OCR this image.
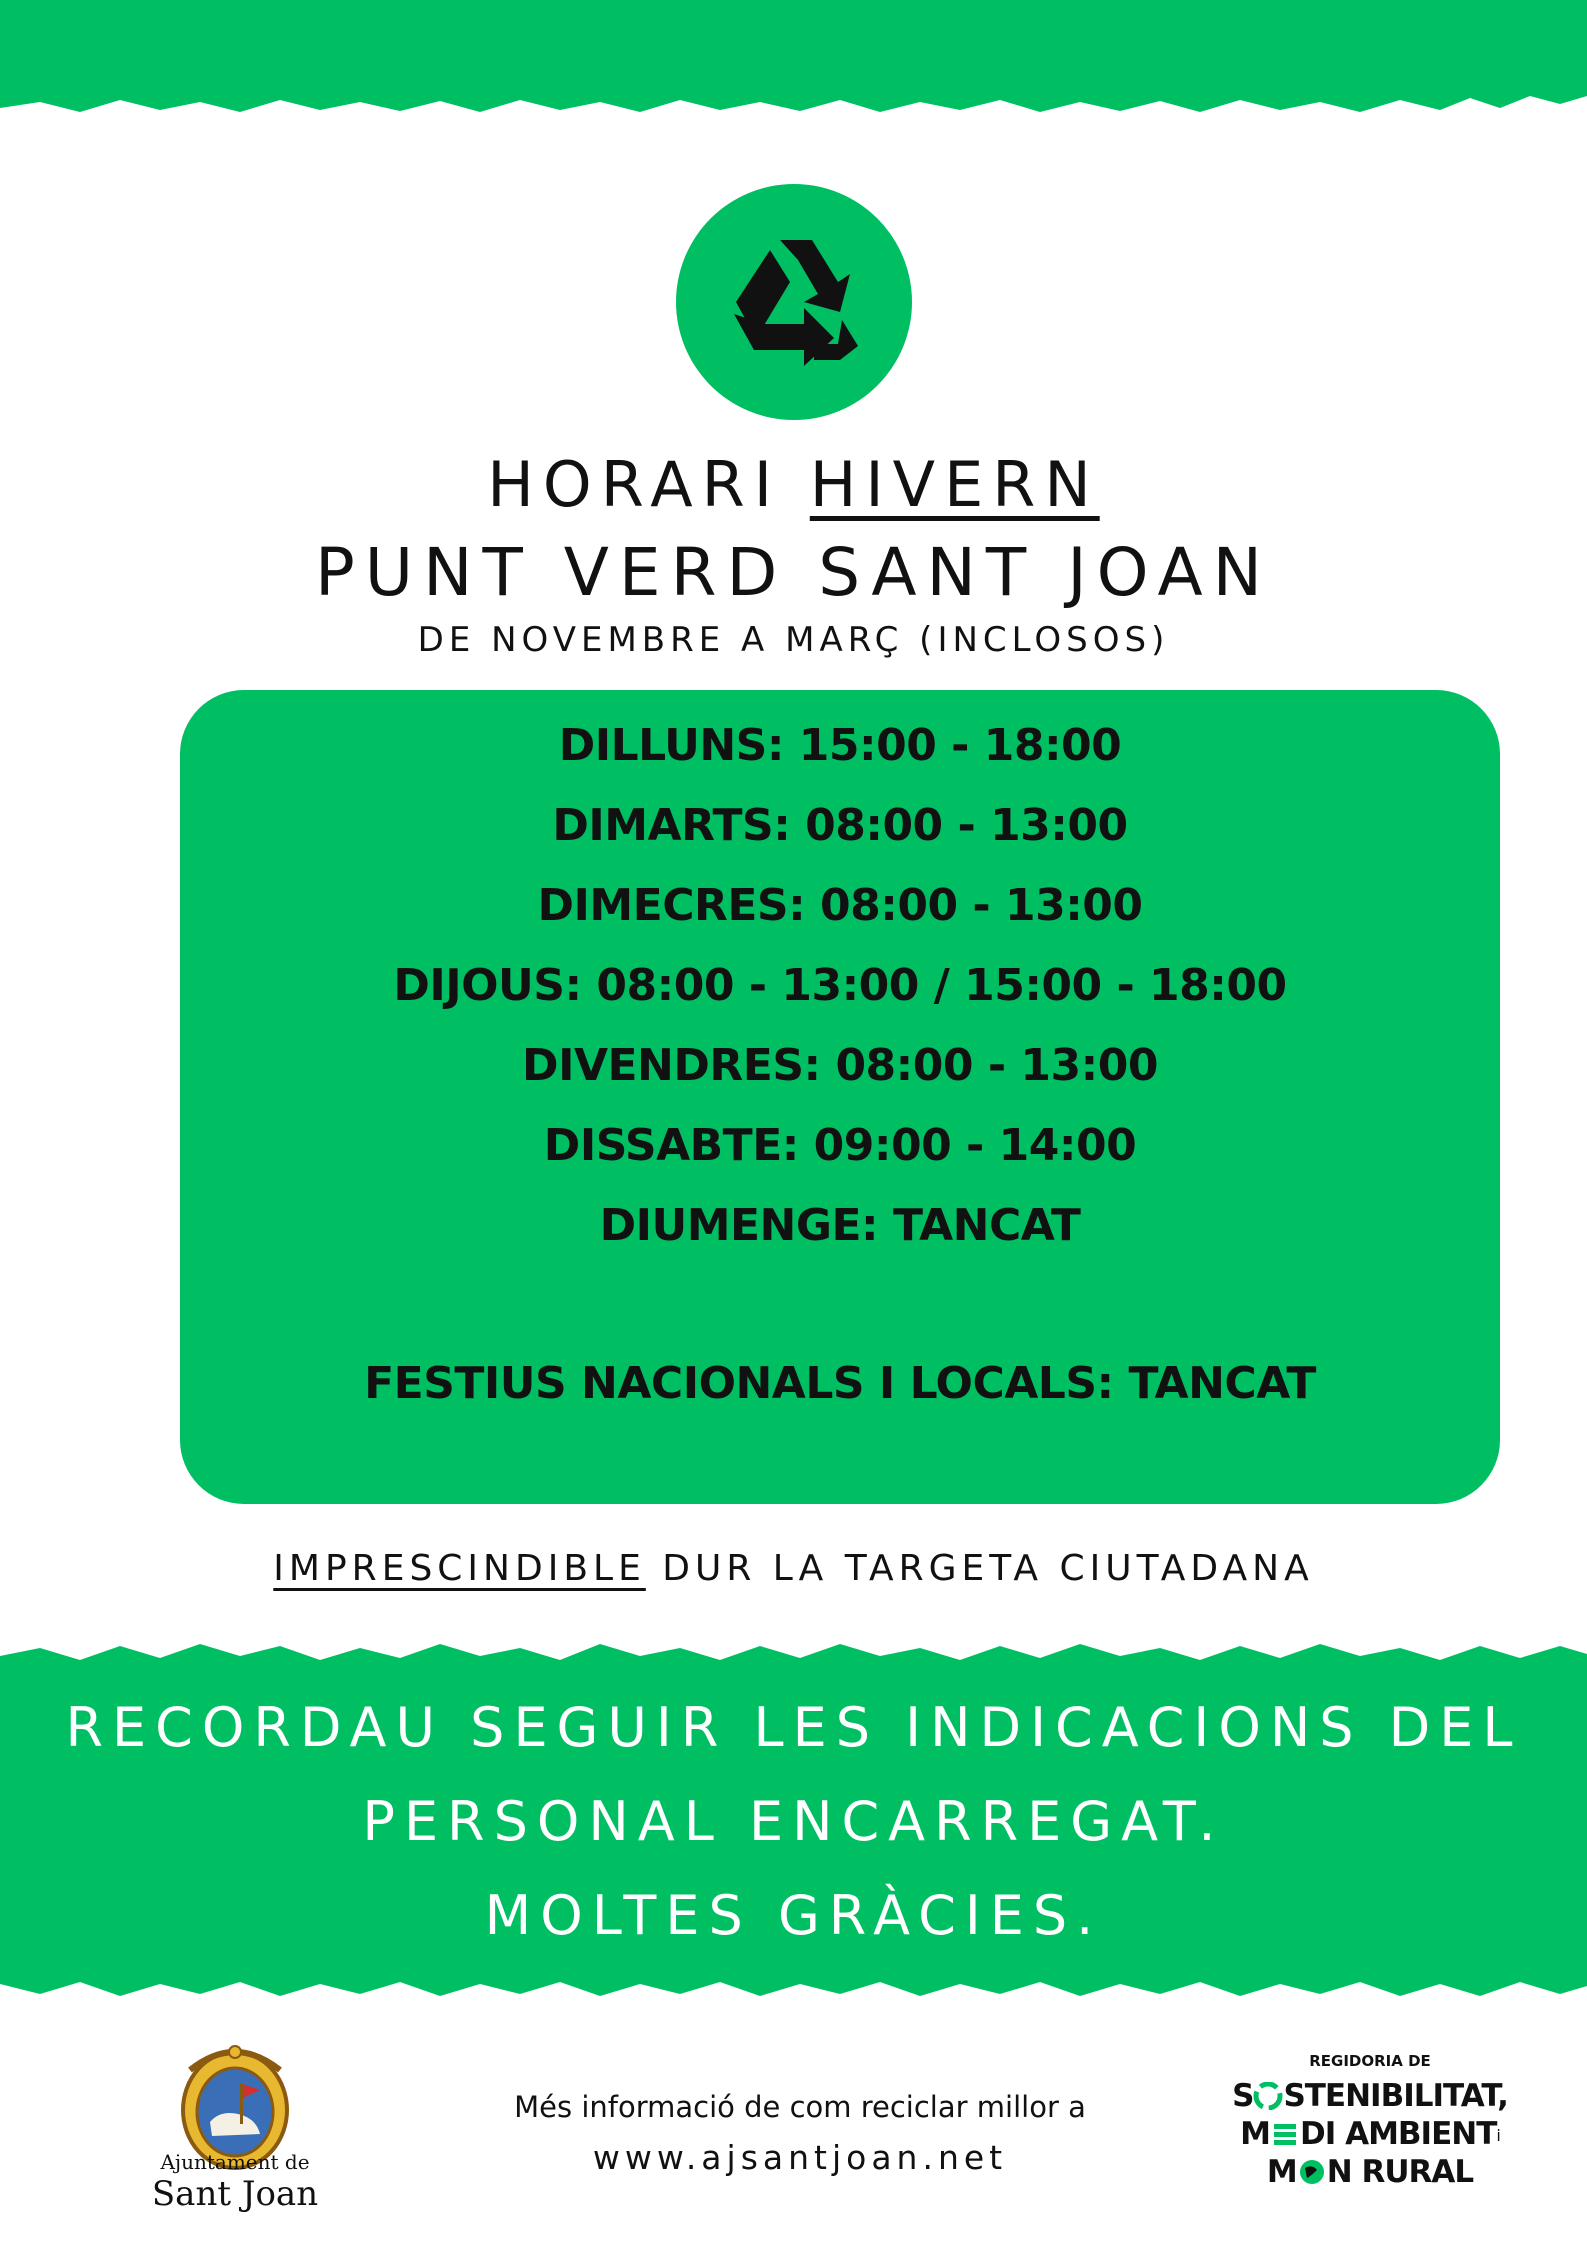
HORARI HIVERN
PUNT VERD SANT JOAN
DE NOVEMBRE A MARÇ (INCLOSOS)
DILLUNS: 15:00 - 18:00
DIMARTS: 08:00 - 13:00
DIMECRES: 08:00 - 13:00
DIJOUS: 08:00 - 13:00 / 15:00 - 18:00
DIVENDRES: 08:00 - 13:00
DISSABTE: 09:00 - 14:00
DIUMENGE: TANCAT
FESTIUS NACIONALS I LOCALS: TANCAT
IMPRESCINDIBLE DUR LA TARGETA CIUTADANA
RECORDAU SEGUIR LES INDICACIONS DEL
PERSONAL ENCARREGAT.
MOLTES GRÀCIES.
Ajuntament de
Sant Joan
Més informació de com reciclar millor a
www.ajsantjoan.net
REGIDORIA DE
S STENIBILITAT,
M DI AMBIENTi
M N RURAL
